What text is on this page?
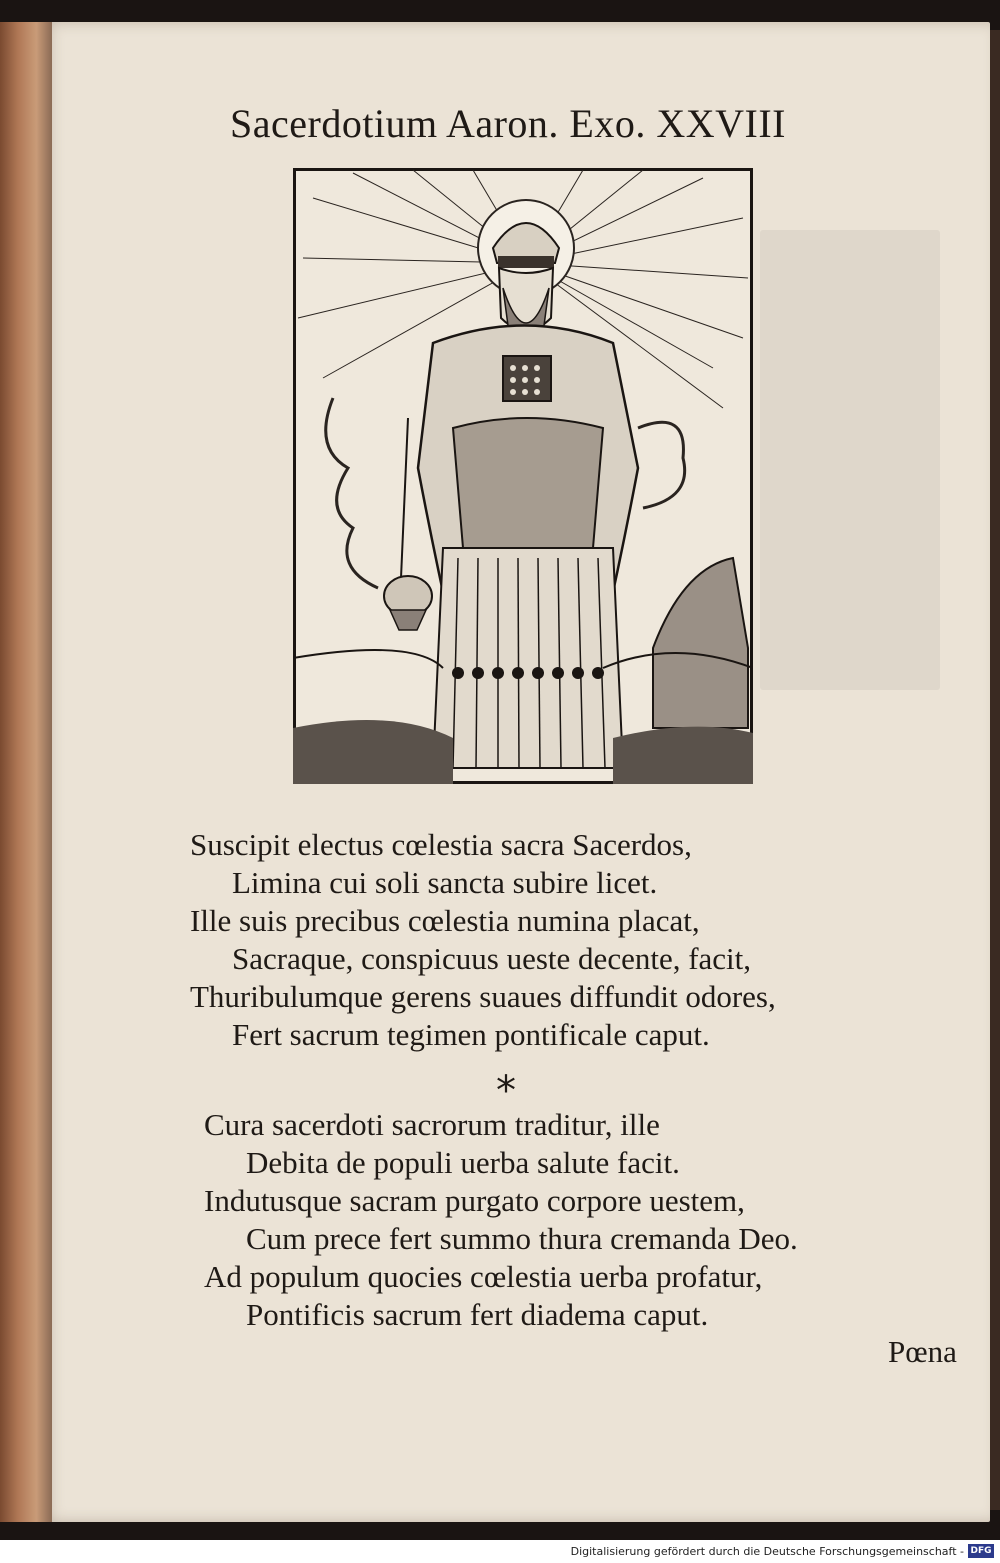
Sacerdotium Aaron. Exo. XXVIII
Suscipit electus cœlestia sacra Sacerdos,
Limina cui soli sancta subire licet.
Ille suis precibus cœlestia numina placat,
Sacraque, conspicuus ueste decente, facit,
Thuribulumque gerens suaues diffundit odores,
Fert sacrum tegimen pontificale caput.
*
Cura sacerdoti sacrorum traditur, ille
Debita de populi uerba salute facit.
Indutusque sacram purgato corpore uestem,
Cum prece fert summo thura cremanda Deo.
Ad populum quocies cœlestia uerba profatur,
Pontificis sacrum fert diadema caput.
Pœna
Digitalisierung gefördert durch die Deutsche Forschungsgemeinschaft - DFG
